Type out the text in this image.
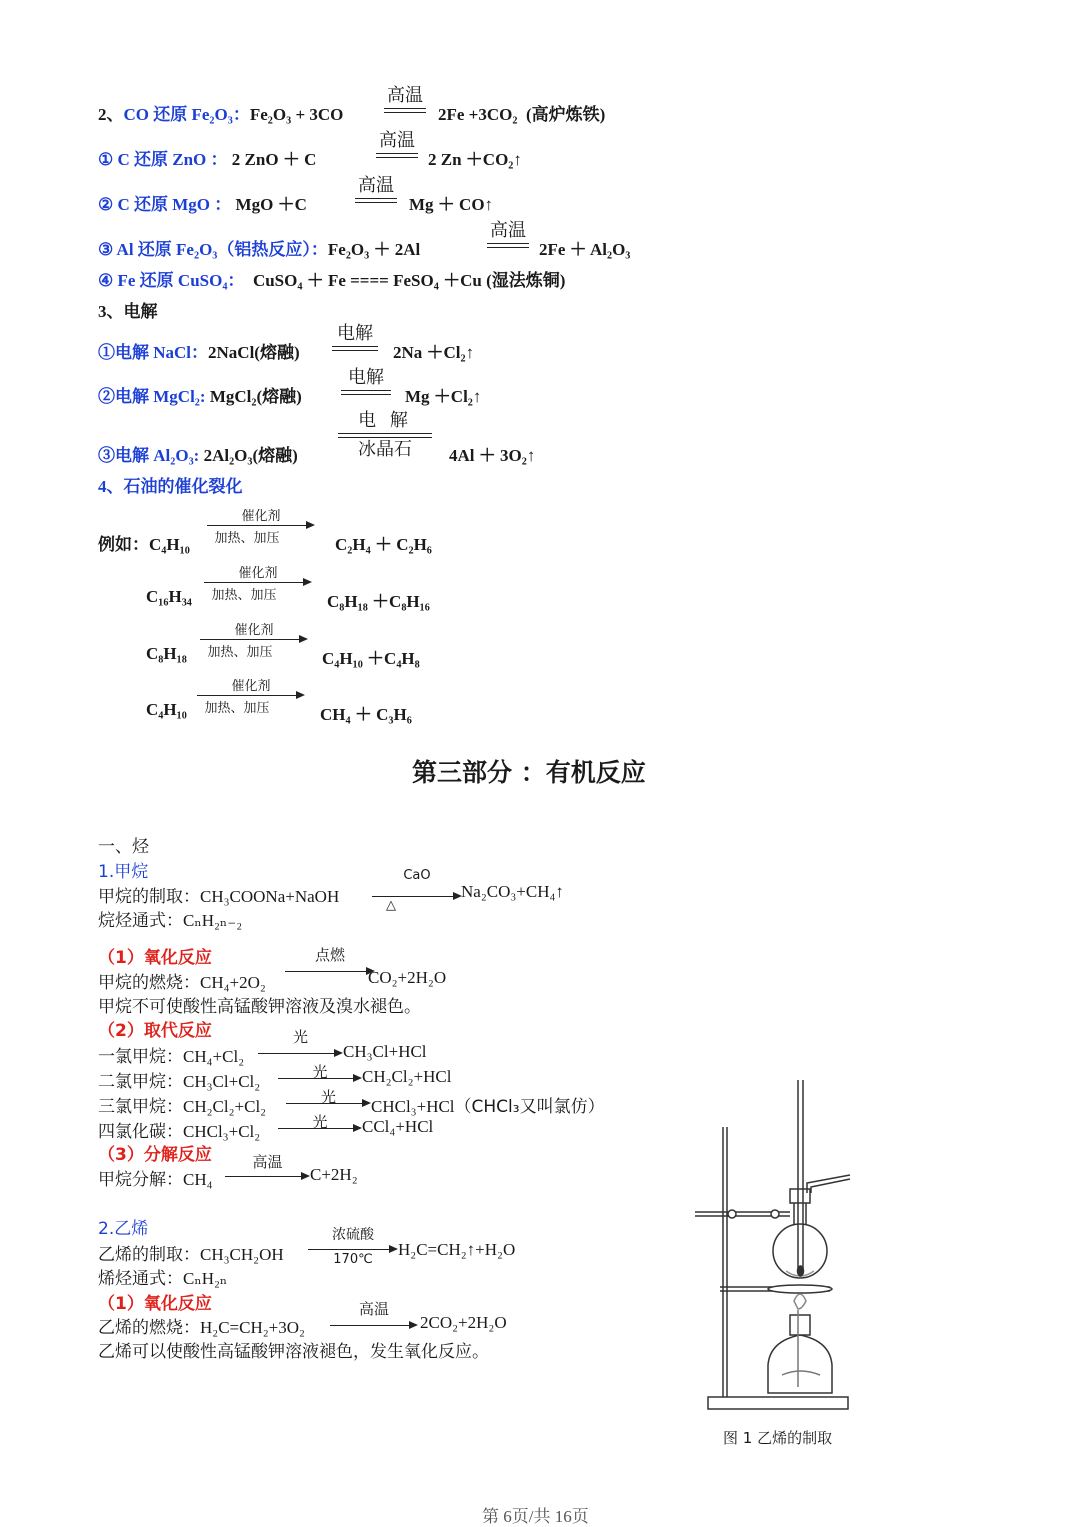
2、CO 还原 Fe₂O₃：Fe₂O₃ + 3CO
高温
2Fe +3CO₂ (高炉炼铁)
① C 还原 ZnO ： 2 ZnO ＋ C
高温
2 Zn ＋CO₂↑
② C 还原 MgO ： MgO ＋C
高温
Mg ＋ CO↑
③ Al 还原 Fe₂O₃（铝热反应）：Fe₂O₃ ＋ 2Al
高温
2Fe ＋ Al₂O₃
④ Fe 还原 CuSO₄： CuSO₄ ＋ Fe ==== FeSO₄ ＋Cu (湿法炼铜)
3、电解
①电解 NaCl：2NaCl(熔融)
电解
2Na ＋Cl₂↑
②电解 MgCl₂: MgCl₂(熔融)
电解
Mg ＋Cl₂↑
③电解 Al₂O₃: 2Al₂O₃(熔融)
电 解
冰晶石	4Al ＋ 3O₂↑
4、石油的催化裂化
例如：C₄H₁₀
催化剂
加热、加压	C₂H₄ ＋ C₂H₆
C₁₆H₃₄
催化剂
加热、加压	C₈H₁₈ ＋C₈H₁₆
C₈H₁₈
催化剂
加热、加压	C₄H₁₀ ＋C₄H₈
C₄H₁₀
催化剂
加热、加压	CH₄ ＋ C₃H₆
第三部分 ：有机反应
一、烃
1.甲烷
甲烷的制取：CH₃COONa+NaOH
CaO
△
Na₂CO₃+CH₄↑
烷烃通式：CₙH₂ₙ₋₂
（1）氧化反应
甲烷的燃烧：CH₄+2O₂
点燃
CO₂+2H₂O
甲烷不可使酸性高锰酸钾溶液及溴水褪色。
（2）取代反应
一氯甲烷：CH₄+Cl₂
光
CH₃Cl+HCl
二氯甲烷：CH₃Cl+Cl₂	光	CH₂Cl₂+HCl
三氯甲烷：CH₂Cl₂+Cl₂	光	CHCl₃+HCl（CHCl₃又叫氯仿）
四氯化碳：CHCl₃+Cl₂	光	CCl₄+HCl
（3）分解反应
甲烷分解：CH₄
高温
C+2H₂
2.乙烯
乙烯的制取：CH₃CH₂OH
浓硫酸
170℃
H₂C=CH₂↑+H₂O
烯烃通式：CₙH₂ₙ
（1）氧化反应
乙烯的燃烧：H₂C=CH₂+3O₂
高温
2CO₂+2H₂O
乙烯可以使酸性高锰酸钾溶液褪色，发生氧化反应。
图 1 乙烯的制取
第 6页/共 16页
